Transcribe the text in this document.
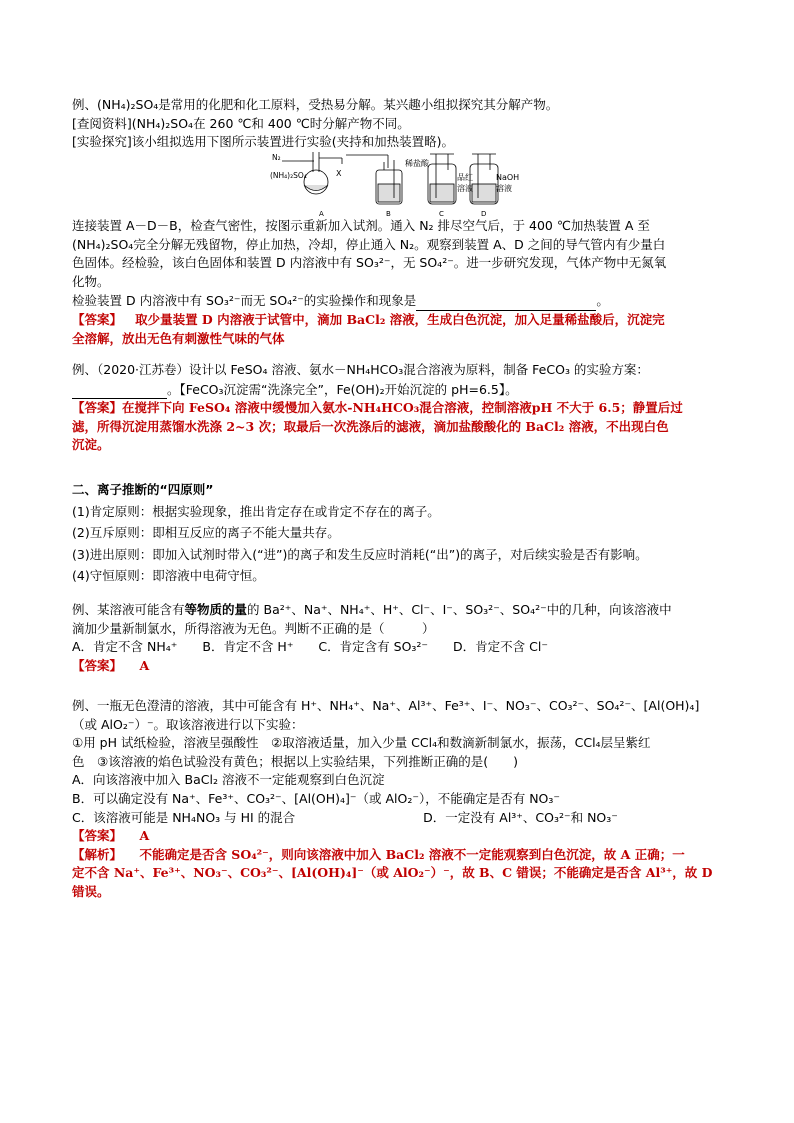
例、(NH₄)₂SO₄是常用的化肥和化工原料，受热易分解。某兴趣小组拟探究其分解产物。

[查阅资料](NH₄)₂SO₄在 260 ℃和 400 ℃时分解产物不同。

[实验探究]该小组拟选用下图所示装置进行实验(夹持和加热装置略)。

N₂
(NH₄)₂SO₄	X
稀盐酸
品红
溶液
NaOH
溶液
A	B	C	D

连接装置 A－D－B，检查气密性，按图示重新加入试剂。通入 N₂ 排尽空气后，于 400 ℃加热装置 A 至

(NH₄)₂SO₄完全分解无残留物，停止加热，冷却，停止通入 N₂。观察到装置 A、D 之间的导气管内有少量白

色固体。经检验，该白色固体和装置 D 内溶液中有 SO₃²⁻，无 SO₄²⁻。进一步研究发现，气体产物中无氮氧

化物。

检验装置 D 内溶液中有 SO₃²⁻而无 SO₄²⁻的实验操作和现象是	。

【答案】 取少量装置 D 内溶液于试管中，滴加 BaCl₂ 溶液，生成白色沉淀，加入足量稀盐酸后，沉淀完

全溶解，放出无色有刺激性气味的气体

例、（2020·江苏卷）设计以 FeSO₄ 溶液、氨水－NH₄HCO₃混合溶液为原料，制备 FeCO₃ 的实验方案：

。【FeCO₃沉淀需“洗涤完全”，Fe(OH)₂开始沉淀的 pH=6.5】。

【答案】在搅拌下向 FeSO₄ 溶液中缓慢加入氨水-NH₄HCO₃混合溶液，控制溶液pH 不大于 6.5；静置后过

滤，所得沉淀用蒸馏水洗涤 2~3 次；取最后一次洗涤后的滤液，滴加盐酸酸化的 BaCl₂ 溶液，不出现白色

沉淀。

二、离子推断的“四原则”

(1)肯定原则：根据实验现象，推出肯定存在或肯定不存在的离子。

(2)互斥原则：即相互反应的离子不能大量共存。

(3)进出原则：即加入试剂时带入(“进”)的离子和发生反应时消耗(“出”)的离子，对后续实验是否有影响。

(4)守恒原则：即溶液中电荷守恒。

例、某溶液可能含有等物质的量的 Ba²⁺、Na⁺、NH₄⁺、H⁺、Cl⁻、I⁻、SO₃²⁻、SO₄²⁻中的几种，向该溶液中

滴加少量新制氯水，所得溶液为无色。判断不正确的是（　　　）

A．肯定不含 NH₄⁺　　B．肯定不含 H⁺　　C．肯定含有 SO₃²⁻　　D．肯定不含 Cl⁻

【答案】 A

例、一瓶无色澄清的溶液，其中可能含有 H⁺、NH₄⁺、Na⁺、Al³⁺、Fe³⁺、I⁻、NO₃⁻、CO₃²⁻、SO₄²⁻、[Al(OH)₄]

（或 AlO₂⁻）⁻。取该溶液进行以下实验：

①用 pH 试纸检验，溶液呈强酸性　②取溶液适量，加入少量 CCl₄和数滴新制氯水，振荡，CCl₄层呈紫红

色　③该溶液的焰色试验没有黄色；根据以上实验结果，下列推断正确的是(　　)

A．向该溶液中加入 BaCl₂ 溶液不一定能观察到白色沉淀

B．可以确定没有 Na⁺、Fe³⁺、CO₃²⁻、[Al(OH)₄]⁻（或 AlO₂⁻），不能确定是否有 NO₃⁻

C．该溶液可能是 NH₄NO₃ 与 HI 的混合	D．一定没有 Al³⁺、CO₃²⁻和 NO₃⁻

【答案】 A

【解析】 不能确定是否含 SO₄²⁻，则向该溶液中加入 BaCl₂ 溶液不一定能观察到白色沉淀，故 A 正确；一

定不含 Na⁺、Fe³⁺、NO₃⁻、CO₃²⁻、[Al(OH)₄]⁻（或 AlO₂⁻）⁻，故 B、C 错误；不能确定是否含 Al³⁺，故 D

错误。
